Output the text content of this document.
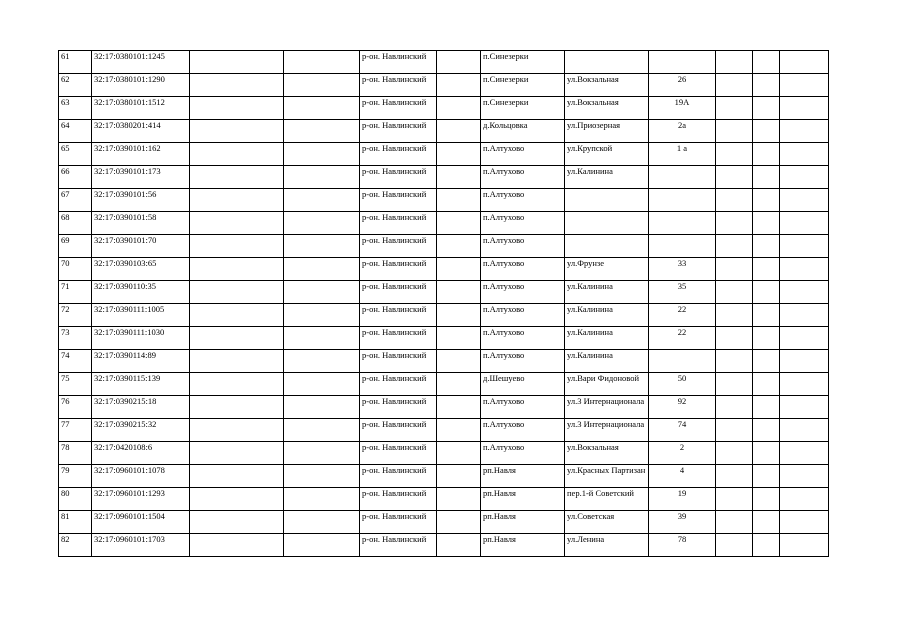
61	32:17:0380101:1245			р-он. Навлинский		п.Синезерки					
62	32:17:0380101:1290			р-он. Навлинский		п.Синезерки	ул.Вокзальная	26			
63	32:17:0380101:1512			р-он. Навлинский		п.Синезерки	ул.Вокзальная	19А			
64	32:17:0380201:414			р-он. Навлинский		д.Кольцовка	ул.Приозерная	2а			
65	32:17:0390101:162			р-он. Навлинский		п.Алтухово	ул.Крупской	1 а			
66	32:17:0390101:173			р-он. Навлинский		п.Алтухово	ул.Калинина				
67	32:17:0390101:56			р-он. Навлинский		п.Алтухово					
68	32:17:0390101:58			р-он. Навлинский		п.Алтухово					
69	32:17:0390101:70			р-он. Навлинский		п.Алтухово					
70	32:17:0390103:65			р-он. Навлинский		п.Алтухово	ул.Фрунзе	33			
71	32:17:0390110:35			р-он. Навлинский		п.Алтухово	ул.Калинина	35			
72	32:17:0390111:1005			р-он. Навлинский		п.Алтухово	ул.Калинина	22			
73	32:17:0390111:1030			р-он. Навлинский		п.Алтухово	ул.Калинина	22			
74	32:17:0390114:89			р-он. Навлинский		п.Алтухово	ул.Калинина				
75	32:17:0390115:139			р-он. Навлинский		д.Шешуево	ул.Вари Фидоновой	50			
76	32:17:0390215:18			р-он. Навлинский		п.Алтухово	ул.3 Интернационала	92			
77	32:17:0390215:32			р-он. Навлинский		п.Алтухово	ул.3 Интернационала	74			
78	32:17:0420108:6			р-он. Навлинский		п.Алтухово	ул.Вокзальная	2			
79	32:17:0960101:1078			р-он. Навлинский		рп.Навля	ул.Красных Партизан	4			
80	32:17:0960101:1293			р-он. Навлинский		рп.Навля	пер.1-й Советский	19			
81	32:17:0960101:1504			р-он. Навлинский		рп.Навля	ул.Советская	39			
82	32:17:0960101:1703			р-он. Навлинский		рп.Навля	ул.Ленина	78			
